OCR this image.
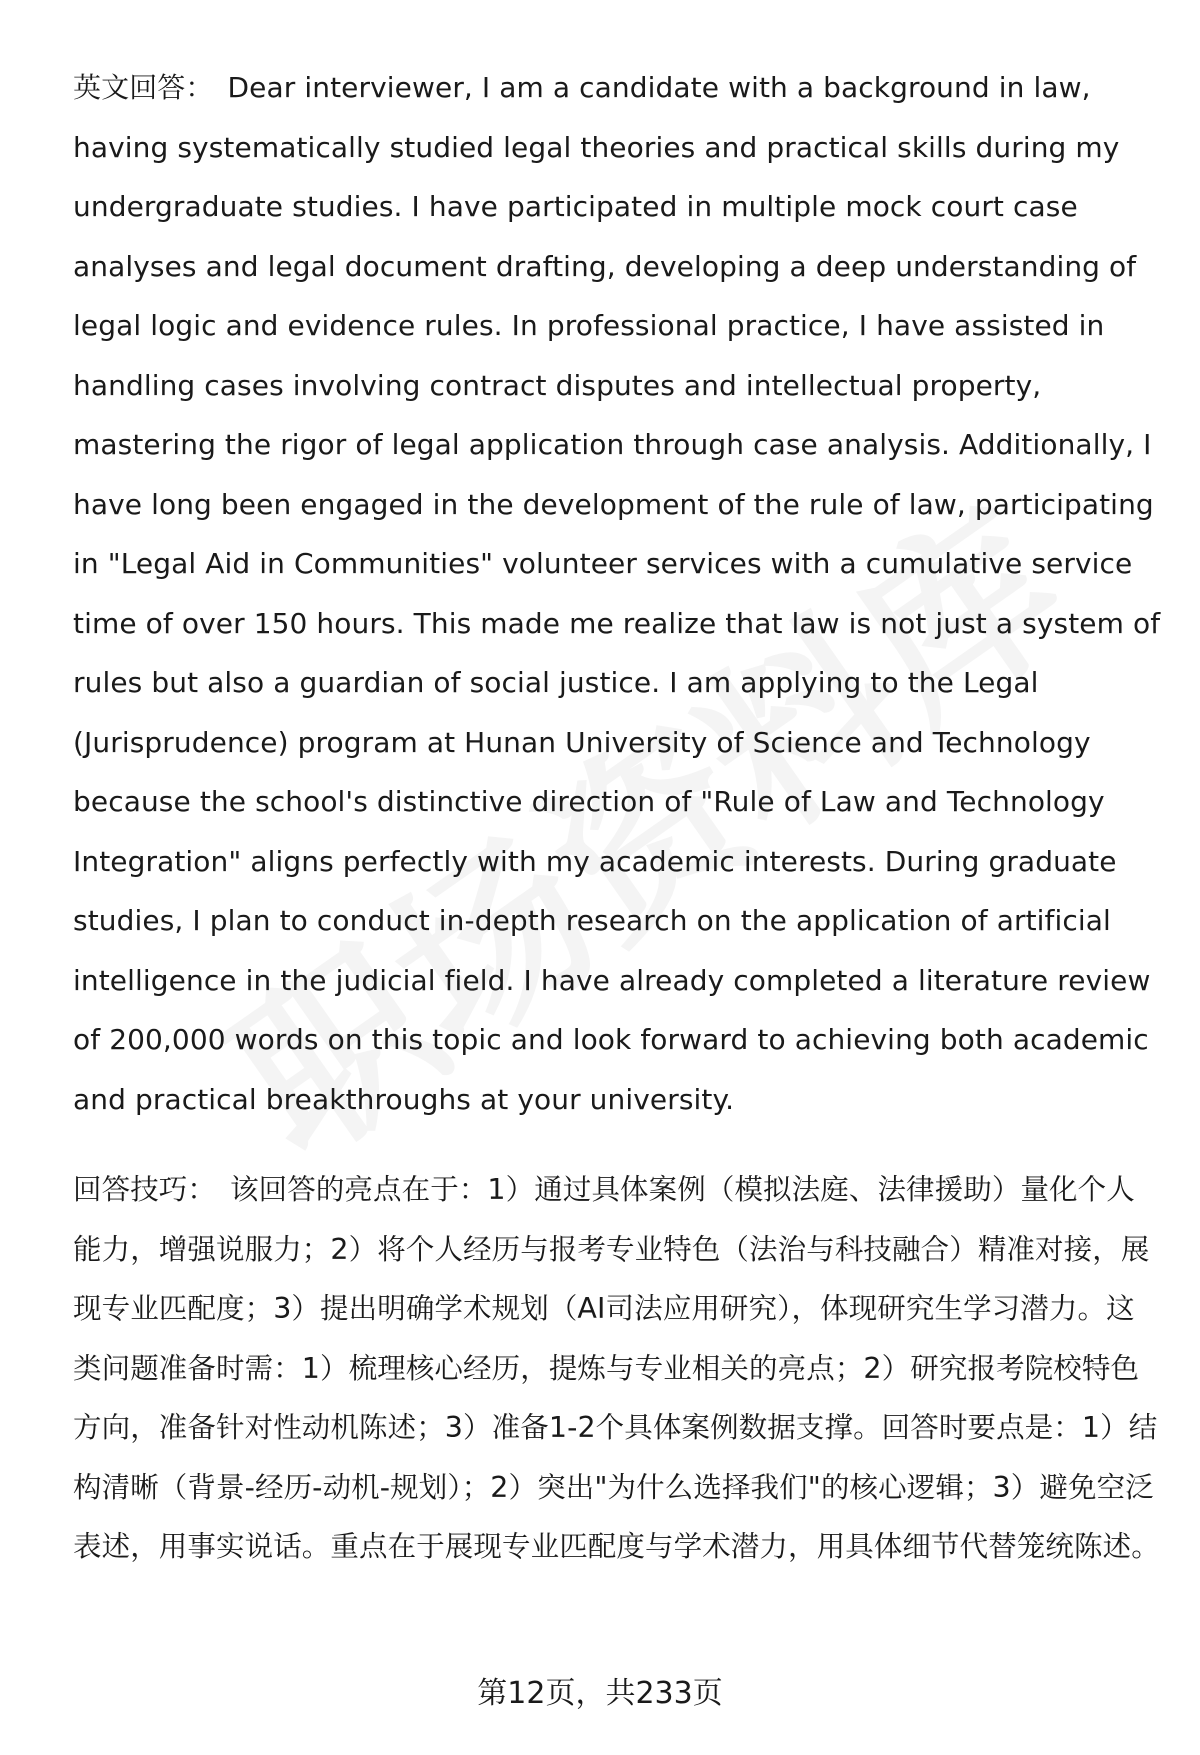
英文回答： Dear interviewer, I am a candidate with a background in law, having systematically studied legal theories and practical skills during my undergraduate studies. I have participated in multiple mock court case analyses and legal document drafting, developing a deep understanding of legal logic and evidence rules. In professional practice, I have assisted in handling cases involving contract disputes and intellectual property, mastering the rigor of legal application through case analysis. Additionally, I have long been engaged in the development of the rule of law, participating in "Legal Aid in Communities" volunteer services with a cumulative service time of over 150 hours. This made me realize that law is not just a system of rules but also a guardian of social justice. I am applying to the Legal (Jurisprudence) program at Hunan University of Science and Technology because the school's distinctive direction of "Rule of Law and Technology Integration" aligns perfectly with my academic interests. During graduate studies, I plan to conduct in-depth research on the application of artificial intelligence in the judicial field. I have already completed a literature review of 200,000 words on this topic and look forward to achieving both academic and practical breakthroughs at your university.
回答技巧： 该回答的亮点在于：1）通过具体案例（模拟法庭、法律援助）量化个人能力，增强说服力；2）将个人经历与报考专业特色（法治与科技融合）精准对接，展现专业匹配度；3）提出明确学术规划（AI司法应用研究），体现研究生学习潜力。这类问题准备时需：1）梳理核心经历，提炼与专业相关的亮点；2）研究报考院校特色方向，准备针对性动机陈述；3）准备1-2个具体案例数据支撑。回答时要点是：1）结构清晰（背景-经历-动机-规划）；2）突出"为什么选择我们"的核心逻辑；3）避免空泛表述，用事实说话。重点在于展现专业匹配度与学术潜力，用具体细节代替笼统陈述。
第12页，共233页
